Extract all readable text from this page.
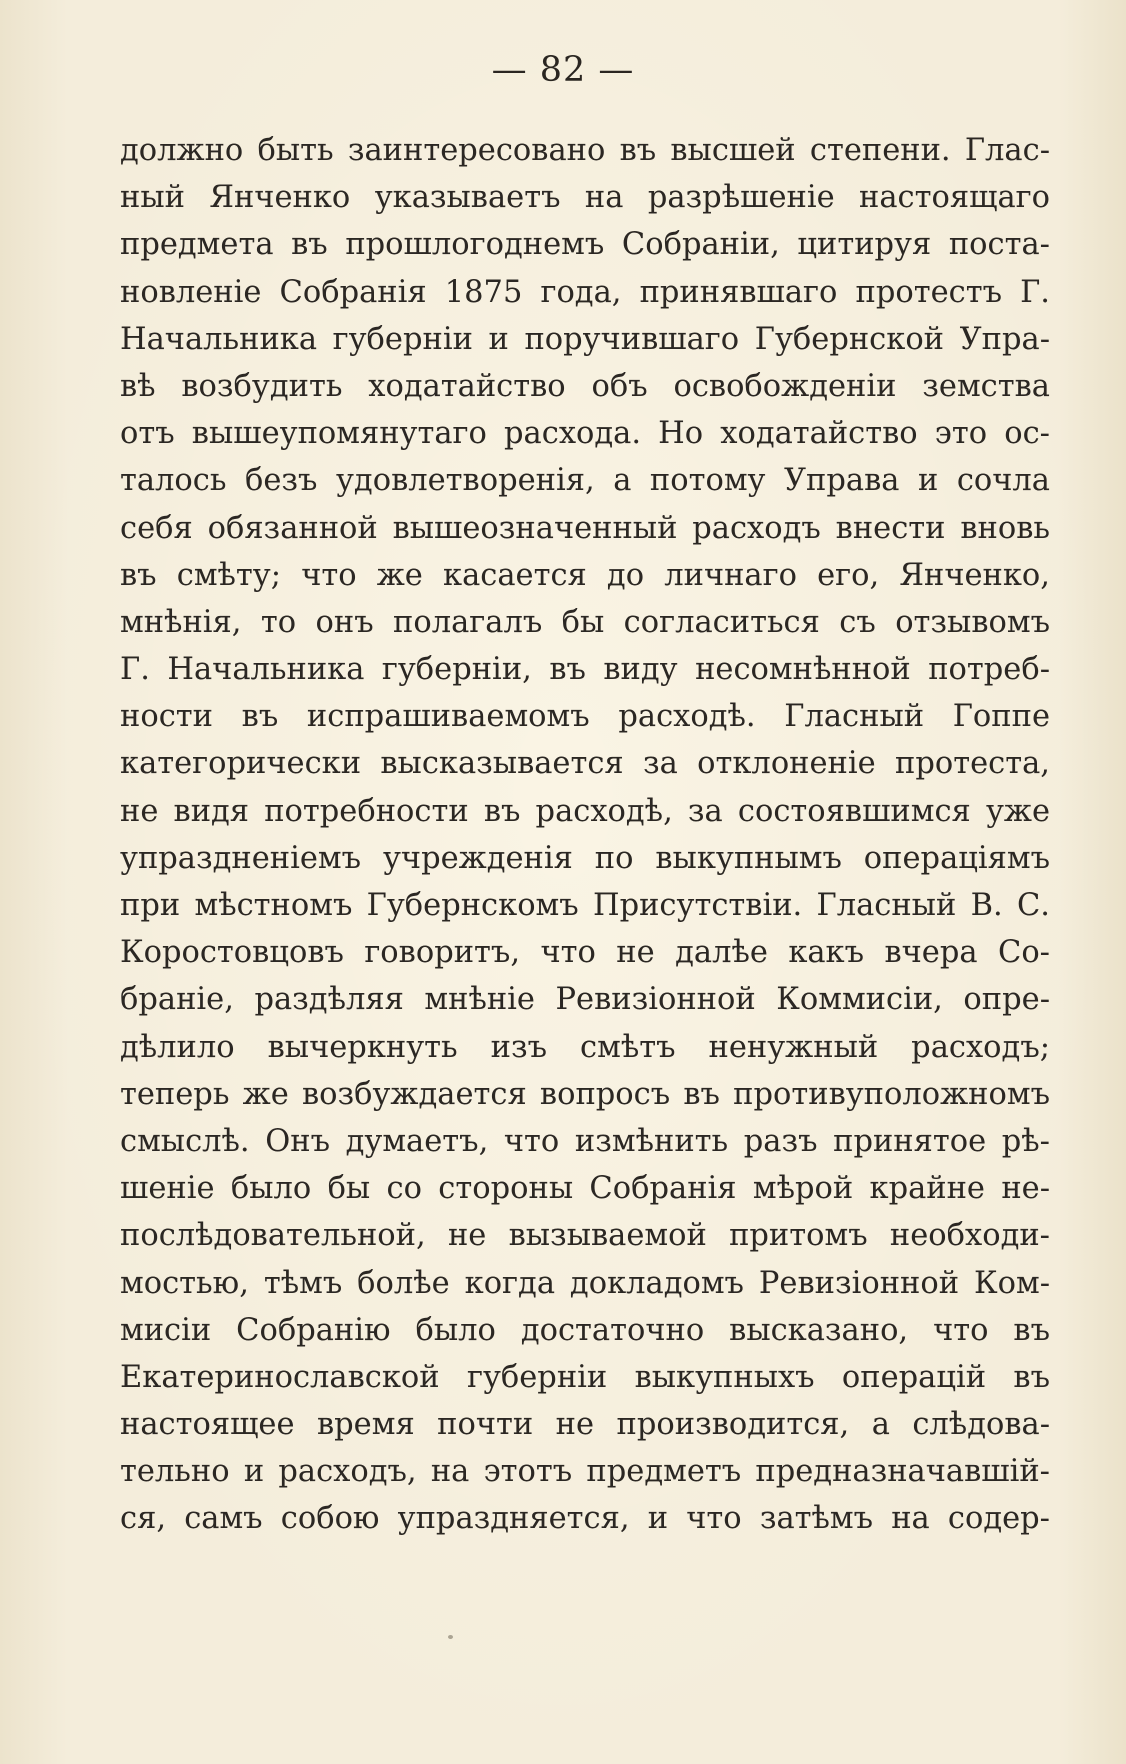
— 82 —
должно быть заинтересовано въ высшей степени. Глас-
ный Янченко указываетъ на разрѣшеніе настоящаго
предмета въ прошлогоднемъ Собраніи, цитируя поста-
новленіе Собранія 1875 года, принявшаго протестъ Г.
Начальника губерніи и поручившаго Губернской Упра-
вѣ возбудить ходатайство объ освобожденіи земства
отъ вышеупомянутаго расхода. Но ходатайство это ос-
талось безъ удовлетворенія, а потому Управа и сочла
себя обязанной вышеозначенный расходъ внести вновь
въ смѣту; что же касается до личнаго его, Янченко,
мнѣнія, то онъ полагалъ бы согласиться съ отзывомъ
Г. Начальника губерніи, въ виду несомнѣнной потреб-
ности въ испрашиваемомъ расходѣ. Гласный Гоппе
категорически высказывается за отклоненіе протеста,
не видя потребности въ расходѣ, за состоявшимся уже
упраздненіемъ учрежденія по выкупнымъ операціямъ
при мѣстномъ Губернскомъ Присутствіи. Гласный В. С.
Коростовцовъ говоритъ, что не далѣе какъ вчера Со-
браніе, раздѣляя мнѣніе Ревизіонной Коммисіи, опре-
дѣлило вычеркнуть изъ смѣтъ ненужный расходъ;
теперь же возбуждается вопросъ въ противуположномъ
смыслѣ. Онъ думаетъ, что измѣнить разъ принятое рѣ-
шеніе было бы со стороны Собранія мѣрой крайне не-
послѣдовательной, не вызываемой притомъ необходи-
мостью, тѣмъ болѣе когда докладомъ Ревизіонной Ком-
мисіи Собранію было достаточно высказано, что въ
Екатеринославской губерніи выкупныхъ операцій въ
настоящее время почти не производится, а слѣдова-
тельно и расходъ, на этотъ предметъ предназначавшій-
ся, самъ собою упраздняется, и что затѣмъ на содер-
